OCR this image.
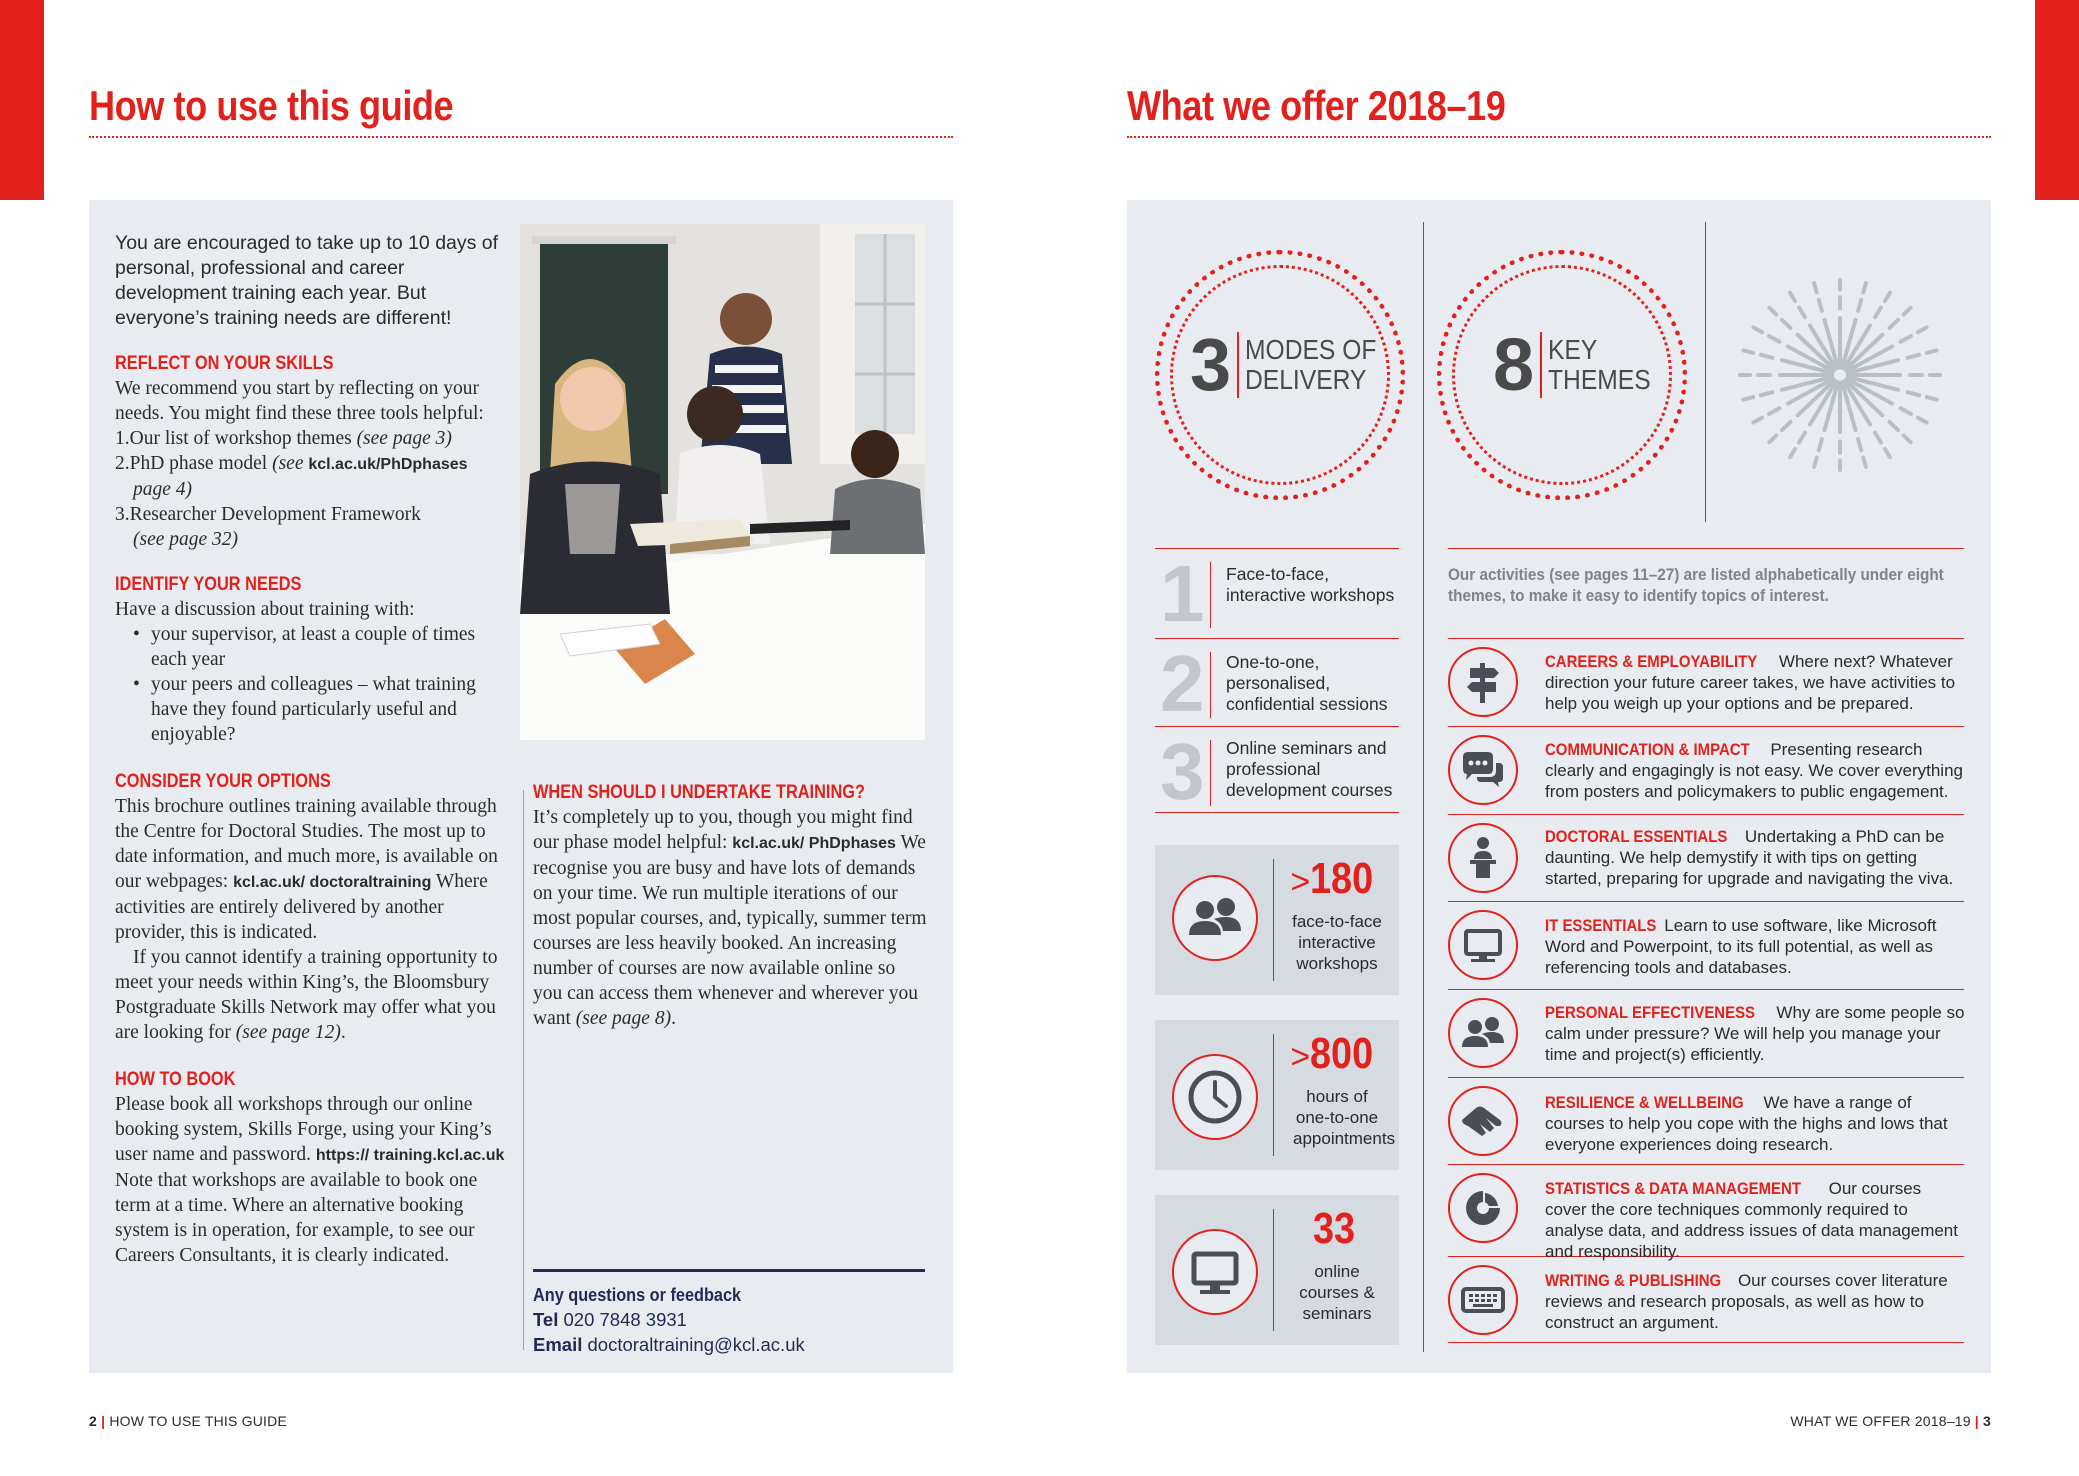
How to use this guide

You are encouraged to take up to 10 days of personal, professional and career development training each year. But everyone’s training needs are different!

REFLECT ON YOUR SKILLS

We recommend you start by reflecting on your needs. You might find these three tools helpful:

1.Our list of workshop themes (see page 3)
2.PhD phase model (see kcl.ac.uk/PhDphases
page 4)
3.Researcher Development Framework
(see page 32)

IDENTIFY YOUR NEEDS

Have a discussion about training with:

• your supervisor, at least a couple of times each year
• your peers and colleagues – what training have they found particularly useful and enjoyable?

CONSIDER YOUR OPTIONS

This brochure outlines training available through the Centre for Doctoral Studies. The most up to date information, and much more, is available on our webpages: kcl.ac.uk/ doctoraltraining Where activities are entirely delivered by another provider, this is indicated.

If you cannot identify a training opportunity to meet your needs within King’s, the Bloomsbury Postgraduate Skills Network may offer what you are looking for (see page 12).

HOW TO BOOK

Please book all workshops through our online booking system, Skills Forge, using your King’s user name and password. https:// training.kcl.ac.uk Note that workshops are available to book one term at a time. Where an alternative booking system is in operation, for example, to see our Careers Consultants, it is clearly indicated.

WHEN SHOULD I UNDERTAKE TRAINING?

It’s completely up to you, though you might find our phase model helpful: kcl.ac.uk/ PhDphases We recognise you are busy and have lots of demands on your time. We run multiple iterations of our most popular courses, and, typically, summer term courses are less heavily booked. An increasing number of courses are now available online so you can access them whenever and wherever you want (see page 8).

Any questions or feedback

Tel 020 7848 3931

Email doctoraltraining@kcl.ac.uk

2 | HOW TO USE THIS GUIDE
What we offer 2018–19
3 MODES OF
DELIVERY 8 KEY
THEMES
1 Face-to-face, interactive workshops
2 One-to-one, personalised, confidential sessions
3 Online seminars and professional development courses
>180
face-to-face interactive workshops
>800
hours of one-to-one appointments
33
online courses & seminars
Our activities (see pages 11–27) are listed alphabetically under eight themes, to make it easy to identify topics of interest.
CAREERS & EMPLOYABILITY Where next? Whatever direction your future career takes, we have activities to help you weigh up your options and be prepared.
COMMUNICATION & IMPACT Presenting research clearly and engagingly is not easy. We cover everything from posters and policymakers to public engagement.
DOCTORAL ESSENTIALS Undertaking a PhD can be daunting. We help demystify it with tips on getting started, preparing for upgrade and navigating the viva.
IT ESSENTIALS Learn to use software, like Microsoft Word and Powerpoint, to its full potential, as well as referencing tools and databases.
PERSONAL EFFECTIVENESS Why are some people so calm under pressure? We will help you manage your time and project(s) efficiently.
RESILIENCE & WELLBEING We have a range of courses to help you cope with the highs and lows that everyone experiences doing research.
STATISTICS & DATA MANAGEMENT Our courses cover the core techniques commonly required to analyse data, and address issues of data management and responsibility.
WRITING & PUBLISHING Our courses cover literature reviews and research proposals, as well as how to construct an argument.
WHAT WE OFFER 2018–19 | 3
